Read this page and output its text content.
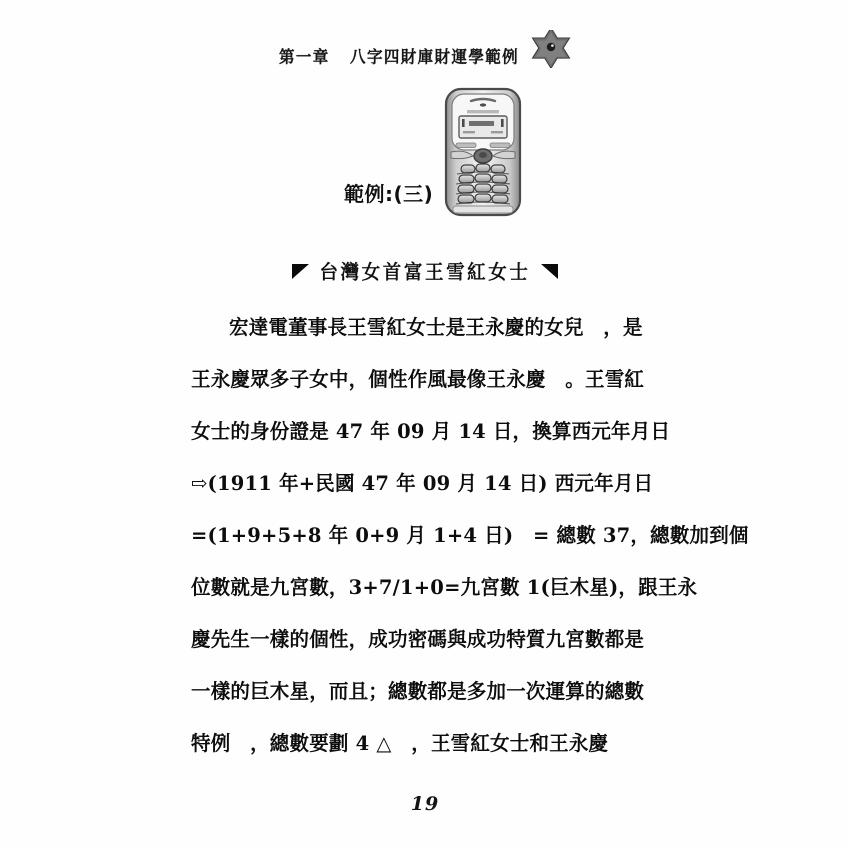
第一章   八字四財庫財運學範例
範例:(三)
台灣女首富王雪紅女士
宏達電董事長王雪紅女士是王永慶的女兒　，是
王永慶眾多子女中，個性作風最像王永慶　。王雪紅
女士的身份證是 47 年 09 月 14 日，換算西元年月日
⇨(1911 年+民國 47 年 09 月 14 日) 西元年月日
=(1+9+5+8 年 0+9 月 1+4 日)　= 總數 37，總數加到個
位數就是九宮數，3+7/1+0=九宮數 1(巨木星)，跟王永
慶先生一樣的個性，成功密碼與成功特質九宮數都是
一樣的巨木星，而且；總數都是多加一次運算的總數
特例　，總數要劃 4 △　，王雪紅女士和王永慶
19
